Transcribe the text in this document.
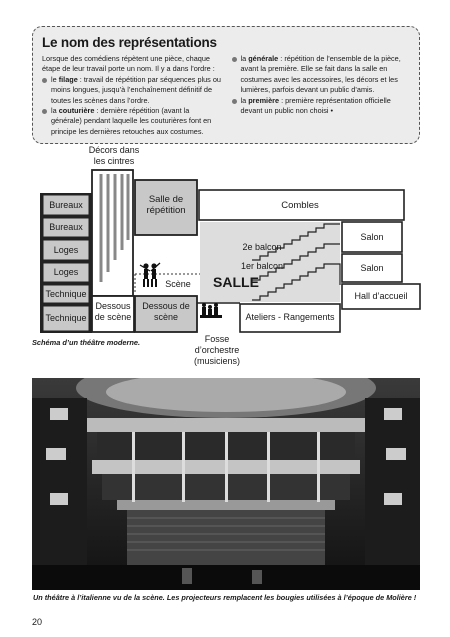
Le nom des représentations

Lorsque des comédiens répètent une pièce, chaque étape de leur travail porte un nom. Il y a dans l’ordre :

le filage : travail de répétition par séquences plus ou moins longues, jusqu’à l’enchaînement définitif de toutes les scènes dans l’ordre.
la couturière : dernière répétition (avant la générale) pendant laquelle les couturières font en principe les dernières retouches aux costumes.
la générale : répétition de l’ensemble de la pièce, avant la première. Elle se fait dans la salle en costumes avec les accessoires, les décors et les lumières, parfois devant un public d’amis.
la première : première représentation officielle devant un public non choisi •
Décors dans les cintres
Salle de répétition	Combles
Bureaux
Bureaux
Loges
Loges
Technique
Technique
Dessous de scène
Dessous de scène
Scène	SALLE
2e balcon
1er balcon
Salon
Salon
Hall d’accueil
Ateliers - Rangements
Fosse d’orchestre (musiciens)
Schéma d’un théâtre moderne.
Un théâtre à l’italienne vu de la scène. Les projecteurs remplacent les bougies utilisées à l’époque de Molière !
20
